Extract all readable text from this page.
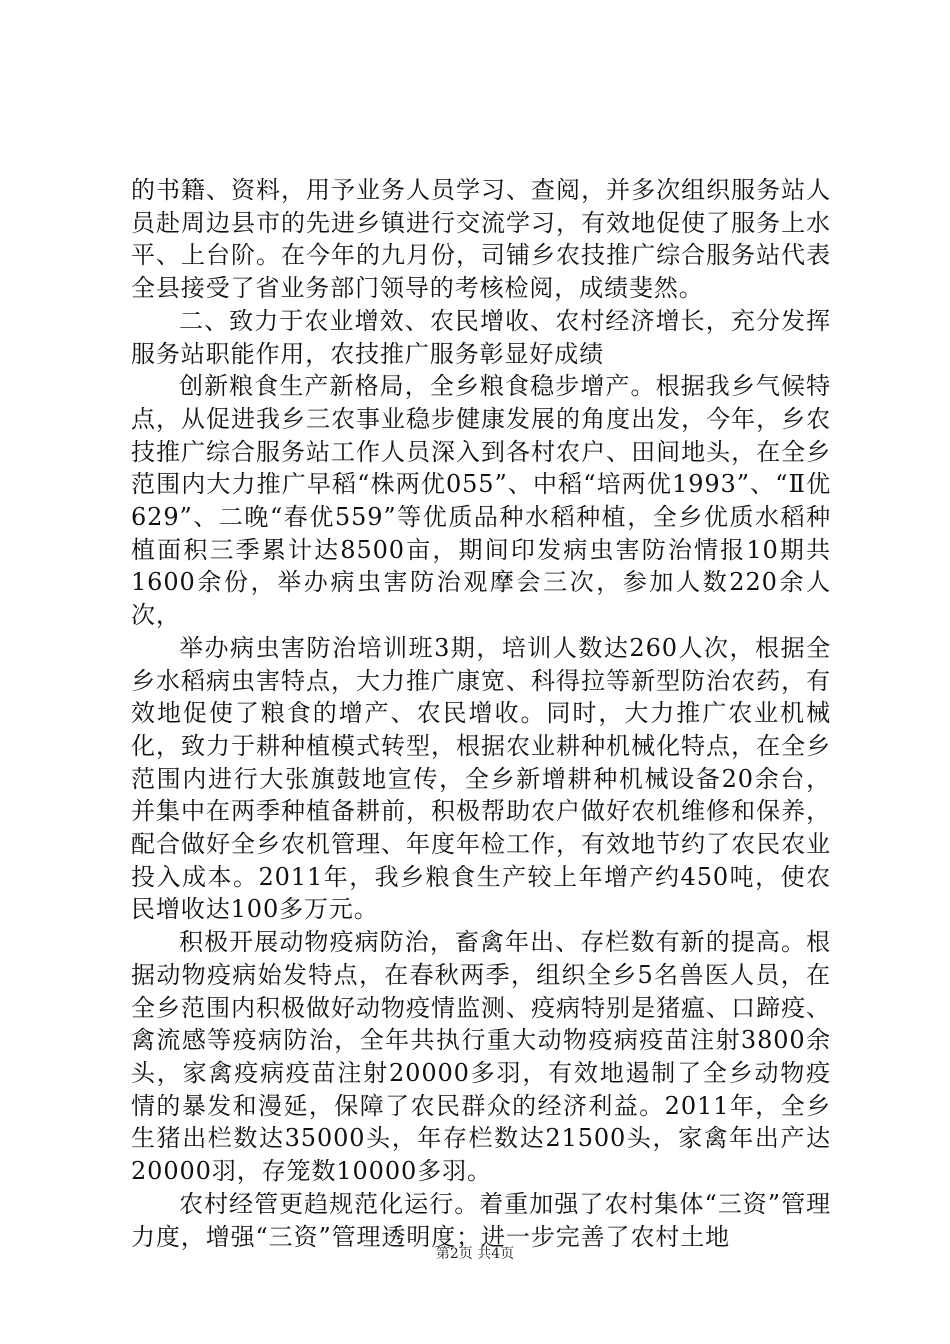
的书籍、资料，用予业务人员学习、查阅，并多次组织服务站人员赴周边县市的先进乡镇进行交流学习，有效地促使了服务上水平、上台阶。在今年的九月份，司铺乡农技推广综合服务站代表全县接受了省业务部门领导的考核检阅，成绩斐然。

二、致力于农业增效、农民增收、农村经济增长，充分发挥服务站职能作用，农技推广服务彰显好成绩

创新粮食生产新格局，全乡粮食稳步增产。根据我乡气候特点，从促进我乡三农事业稳步健康发展的角度出发，今年，乡农技推广综合服务站工作人员深入到各村农户、田间地头，在全乡范围内大力推广早稻“株两优055”、中稻“培两优1993”、“Ⅱ优629”、二晚“春优559”等优质品种水稻种植，全乡优质水稻种植面积三季累计达8500亩，期间印发病虫害防治情报10期共1600余份，举办病虫害防治观摩会三次，参加人数220余人次，

举办病虫害防治培训班3期，培训人数达260人次，根据全乡水稻病虫害特点，大力推广康宽、科得拉等新型防治农药，有效地促使了粮食的增产、农民增收。同时，大力推广农业机械化，致力于耕种植模式转型，根据农业耕种机械化特点，在全乡范围内进行大张旗鼓地宣传，全乡新增耕种机械设备20余台，并集中在两季种植备耕前，积极帮助农户做好农机维修和保养，配合做好全乡农机管理、年度年检工作，有效地节约了农民农业投入成本。2011年，我乡粮食生产较上年增产约450吨，使农民增收达100多万元。

积极开展动物疫病防治，畜禽年出、存栏数有新的提高。根据动物疫病始发特点，在春秋两季，组织全乡5名兽医人员，在全乡范围内积极做好动物疫情监测、疫病特别是猪瘟、口蹄疫、禽流感等疫病防治，全年共执行重大动物疫病疫苗注射3800余头，家禽疫病疫苗注射20000多羽，有效地遏制了全乡动物疫情的暴发和漫延，保障了农民群众的经济利益。2011年，全乡生猪出栏数达35000头，年存栏数达21500头，家禽年出产达20000羽，存笼数10000多羽。

农村经管更趋规范化运行。着重加强了农村集体“三资”管理力度，增强“三资”管理透明度；进一步完善了农村土地

第2页 共4页
